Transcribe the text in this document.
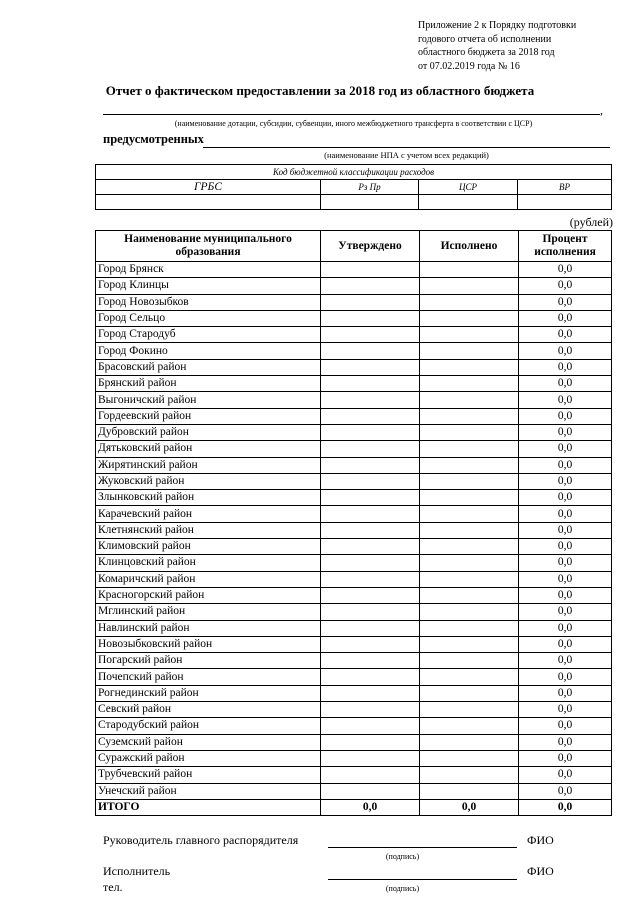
Приложение 2 к Порядку подготовки
годового отчета об исполнении
областного бюджета за 2018 год
от 07.02.2019 года № 16
Отчет о фактическом предоставлении за 2018 год из областного бюджета
,
(наименование дотации, субсидии, субвенции, иного межбюджетного трансферта в соответствии с ЦСР)
предусмотренных
(наименование НПА с учетом всех редакций)
Код бюджетной классификации расходов			
ГРБС	Рз Пр	ЦСР	ВР

(рублей)
Наименование муниципального образования	Утверждено	Исполнено	Процент исполнения
Город Брянск			0,0
Город Клинцы			0,0
Город Новозыбков			0,0
Город Сельцо			0,0
Город Стародуб			0,0
Город Фокино			0,0
Брасовский район			0,0
Брянский район			0,0
Выгоничский район			0,0
Гордеевский район			0,0
Дубровский район			0,0
Дятьковский район			0,0
Жирятинский район			0,0
Жуковский район			0,0
Злынковский район			0,0
Карачевский район			0,0
Клетнянский район			0,0
Климовский район			0,0
Клинцовский район			0,0
Комаричский район			0,0
Красногорский район			0,0
Мглинский район			0,0
Навлинский район			0,0
Новозыбковский район			0,0
Погарский район			0,0
Почепский район			0,0
Рогнединский район			0,0
Севский район			0,0
Стародубский район			0,0
Суземский район			0,0
Суражский район			0,0
Трубчевский район			0,0
Унечский район			0,0
ИТОГО	0,0	0,0	0,0
Руководитель главного распорядителя	ФИО
(подпись)
Исполнитель	ФИО
тел.	(подпись)
